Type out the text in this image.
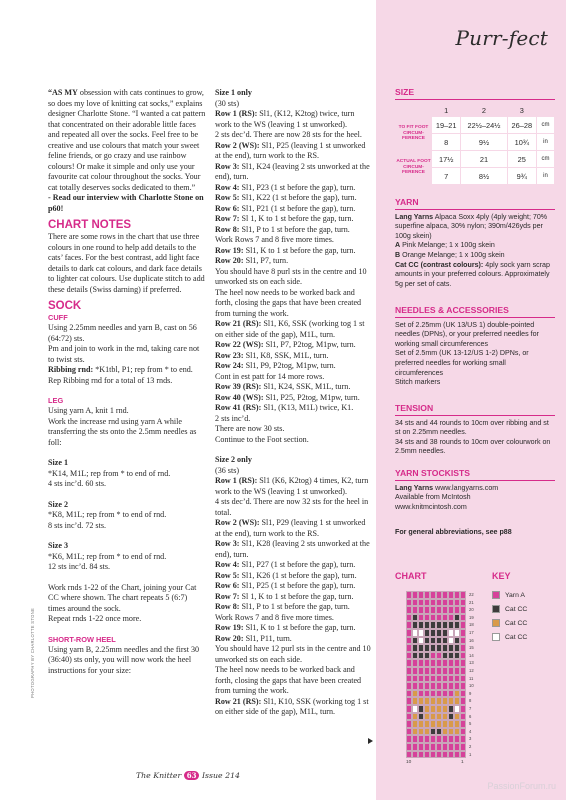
Purr-fect

“AS MY obsession with cats continues to grow, so does my love of knitting cat socks,” explains designer Charlotte Stone. “I wanted a cat pattern that concentrated on their adorable little faces and repeated all over the socks. Feel free to be creative and use colours that match your sweet feline friends, or go crazy and use rainbow colours! Or make it simple and only use your favourite cat colour throughout the socks. Your cat totally deserves socks dedicated to them.”

- Read our interview with Charlotte Stone on p60!

CHART NOTES

There are some rows in the chart that use three colours in one round to help add details to the cats’ faces. For the best contrast, add light face details to dark cat colours, and dark face details to lighter cat colours. Use duplicate stitch to add these details (Swiss darning) if preferred.

SOCK
CUFF

Using 2.25mm needles and yarn B, cast on 56 (64:72) sts.

Pm and join to work in the rnd, taking care not to twist sts.

Ribbing rnd: *K1tbl, P1; rep from * to end.

Rep Ribbing rnd for a total of 13 rnds.

LEG

Using yarn A, knit 1 rnd.

Work the increase rnd using yarn A while transferring the sts onto the 2.5mm needles as foll:

Size 1

*K14, M1L; rep from * to end of rnd.

4 sts inc’d. 60 sts.

Size 2

*K8, M1L; rep from * to end of rnd.

8 sts inc’d. 72 sts.

Size 3

*K6, M1L; rep from * to end of rnd.

12 sts inc’d. 84 sts.

Work rnds 1-22 of the Chart, joining your Cat CC where shown. The chart repeats 5 (6:7) times around the sock.

Repeat rnds 1-22 once more.

SHORT-ROW HEEL

Using yarn B, 2.25mm needles and the first 30 (36:40) sts only, you will now work the heel instructions for your size:

Size 1 only

(30 sts)

Row 1 (RS): Sl1, (K12, K2tog) twice, turn work to the WS (leaving 1 st unworked).

2 sts dec’d. There are now 28 sts for the heel.

Row 2 (WS): Sl1, P25 (leaving 1 st unworked at the end), turn work to the RS.

Row 3: Sl1, K24 (leaving 2 sts unworked at the end), turn.

Row 4: Sl1, P23 (1 st before the gap), turn.

Row 5: Sl1, K22 (1 st before the gap), turn.

Row 6: Sl1, P21 (1 st before the gap), turn.

Row 7: Sl 1, K to 1 st before the gap, turn.

Row 8: Sl1, P to 1 st before the gap, turn.

Work Rows 7 and 8 five more times.

Row 19: Sl1, K to 1 st before the gap, turn.

Row 20: Sl1, P7, turn.

You should have 8 purl sts in the centre and 10 unworked sts on each side.

The heel now needs to be worked back and forth, closing the gaps that have been created from turning the work.

Row 21 (RS): Sl1, K6, SSK (working tog 1 st on either side of the gap), M1L, turn.

Row 22 (WS): Sl1, P7, P2tog, M1pw, turn.

Row 23: Sl1, K8, SSK, M1L, turn.

Row 24: Sl1, P9, P2tog, M1pw, turn.

Cont in est patt for 14 more rows.

Row 39 (RS): Sl1, K24, SSK, M1L, turn.

Row 40 (WS): Sl1, P25, P2tog, M1pw, turn.

Row 41 (RS): Sl1, (K13, M1L) twice, K1.

2 sts inc’d.

There are now 30 sts.

Continue to the Foot section.

Size 2 only

(36 sts)

Row 1 (RS): Sl1 (K6, K2tog) 4 times, K2, turn work to the WS (leaving 1 st unworked).

4 sts dec’d. There are now 32 sts for the heel in total.

Row 2 (WS): Sl1, P29 (leaving 1 st unworked at the end), turn work to the RS.

Row 3: Sl1, K28 (leaving 2 sts unworked at the end), turn.

Row 4: Sl1, P27 (1 st before the gap), turn.

Row 5: Sl1, K26 (1 st before the gap), turn.

Row 6: Sl1, P25 (1 st before the gap), turn.

Row 7: Sl 1, K to 1 st before the gap, turn.

Row 8: Sl1, P to 1 st before the gap, turn.

Work Rows 7 and 8 five more times.

Row 19: Sl1, K to 1 st before the gap, turn.

Row 20: Sl1, P11, turn.

You should have 12 purl sts in the centre and 10 unworked sts on each side.

The heel now needs to be worked back and forth, closing the gaps that have been created from turning the work.

Row 21 (RS): Sl1, K10, SSK (working tog 1 st on either side of the gap), M1L, turn.

SIZE
	1	2	3	
TO FIT FOOT CIRCUM-FERENCE	19–21	22½–24½	26–28	cm
	8	9½	10¾	in
ACTUAL FOOT CIRCUM-FERENCE	17½	21	25	cm
	7	8½	9¾	in
YARN

Lang Yarns Alpaca Soxx 4ply (4ply weight; 70% superfine alpaca, 30% nylon; 390m/426yds per 100g skein)

A Pink Melange; 1 x 100g skein

B Orange Melange; 1 x 100g skein

Cat CC (contrast colours): 4ply sock yarn scrap amounts in your preferred colours. Approximately 5g per set of cats.

NEEDLES & ACCESSORIES

Set of 2.25mm (UK 13/US 1) double-pointed needles (DPNs), or your preferred needles for working small circumferences

Set of 2.5mm (UK 13-12/US 1-2) DPNs, or preferred needles for working small circumferences

Stitch markers

TENSION

34 sts and 44 rounds to 10cm over ribbing and st st on 2.25mm needles.

34 sts and 38 rounds to 10cm over colourwork on 2.5mm needles.

YARN STOCKISTS

Lang Yarns www.langyarns.com

Available from McIntosh

www.knitmcintosh.com

For general abbreviations, see p88
CHART
22
21
20
19
18
17
16
15
14
13
12
11
10
9
8
7
6
5
4
3
2
1
10	1
KEY
Yarn A
Cat CC
Cat CC
Cat CC
PHOTOGRAPHY BY CHARLOTTE STONE
The Knitter 63 Issue 214
PassionForum.ru
